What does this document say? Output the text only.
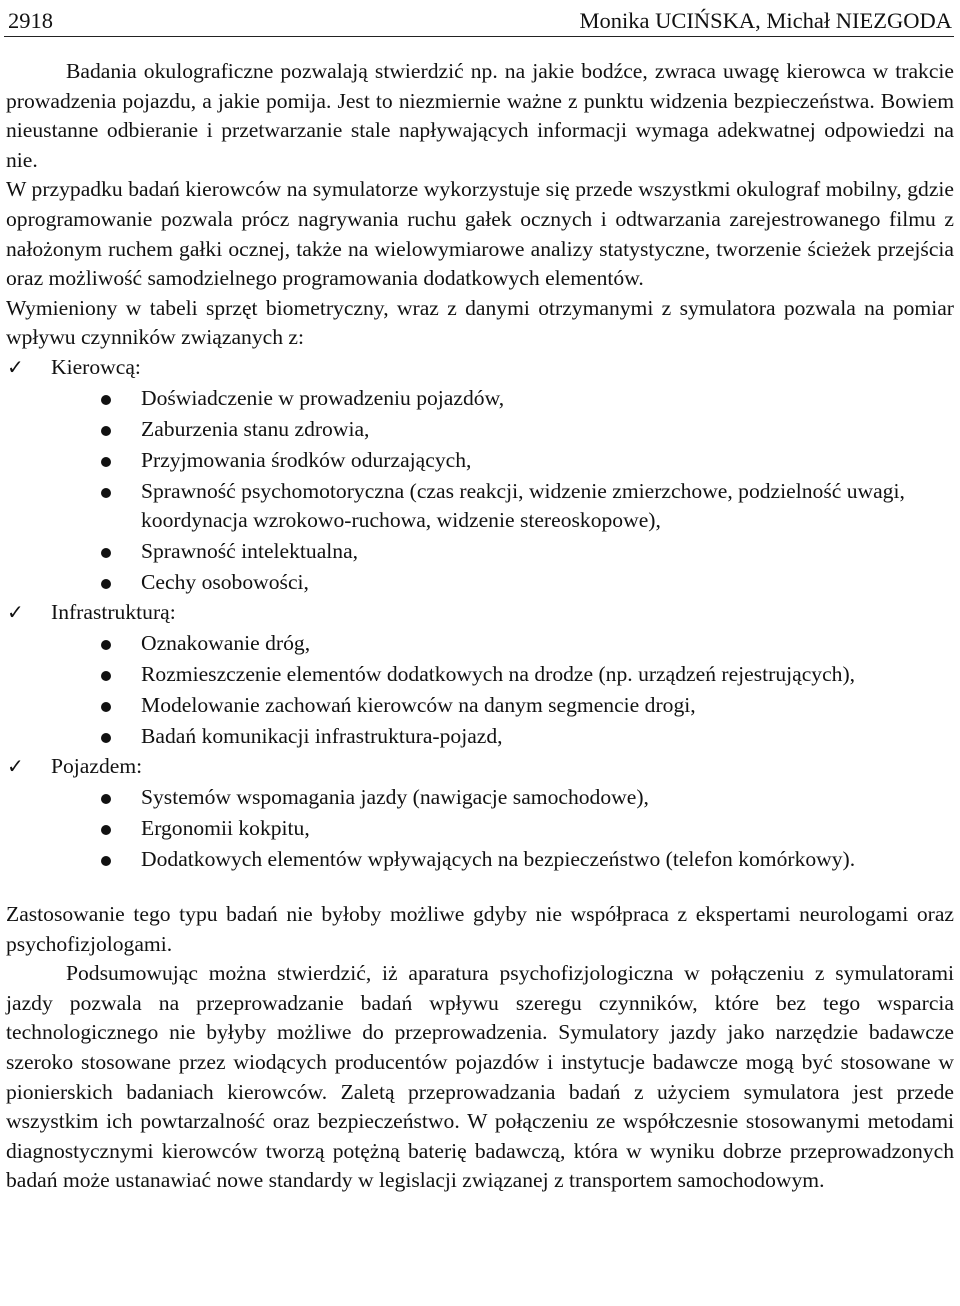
2918	Monika UCIŃSKA, Michał NIEZGODA

Badania okulograficzne pozwalają stwierdzić np. na jakie bodźce, zwraca uwagę kierowca w trakcie prowadzenia pojazdu, a jakie pomija. Jest to niezmiernie ważne z punktu widzenia bezpieczeństwa. Bowiem nieustanne odbieranie i przetwarzanie stale napływających informacji wymaga adekwatnej odpowiedzi na nie.

W przypadku badań kierowców na symulatorze wykorzystuje się przede wszystkmi okulograf mobilny, gdzie oprogramowanie pozwala prócz nagrywania ruchu gałek ocznych i odtwarzania zarejestrowanego filmu z nałożonym ruchem gałki ocznej, także na wielowymiarowe analizy statystyczne, tworzenie ścieżek przejścia oraz możliwość samodzielnego programowania dodatkowych elementów.

Wymieniony w tabeli sprzęt biometryczny, wraz z danymi otrzymanymi z symulatora pozwala na pomiar wpływu czynników związanych z:

✓ Kierowcą:
Doświadczenie w prowadzeniu pojazdów,
Zaburzenia stanu zdrowia,
Przyjmowania środków odurzających,
Sprawność psychomotoryczna (czas reakcji, widzenie zmierzchowe, podzielność uwagi, koordynacja wzrokowo-ruchowa, widzenie stereoskopowe),
Sprawność intelektualna,
Cechy osobowości,
✓ Infrastrukturą:
Oznakowanie dróg,
Rozmieszczenie elementów dodatkowych na drodze (np. urządzeń rejestrujących),
Modelowanie zachowań kierowców na danym segmencie drogi,
Badań komunikacji infrastruktura-pojazd,
✓ Pojazdem:
Systemów wspomagania jazdy (nawigacje samochodowe),
Ergonomii kokpitu,
Dodatkowych elementów wpływających na bezpieczeństwo (telefon komórkowy).

Zastosowanie tego typu badań nie byłoby możliwe gdyby nie współpraca z ekspertami neurologami oraz psychofizjologami.

Podsumowując można stwierdzić, iż aparatura psychofizjologiczna w połączeniu z symulatorami jazdy pozwala na przeprowadzanie badań wpływu szeregu czynników, które bez tego wsparcia technologicznego nie byłyby możliwe do przeprowadzenia. Symulatory jazdy jako narzędzie badawcze szeroko stosowane przez wiodących producentów pojazdów i instytucje badawcze mogą być stosowane w pionierskich badaniach kierowców. Zaletą przeprowadzania badań z użyciem symulatora jest przede wszystkim ich powtarzalność oraz bezpieczeństwo. W połączeniu ze współczesnie stosowanymi metodami diagnostycznymi kierowców tworzą potężną baterię badawczą, która w wyniku dobrze przeprowadzonych badań może ustanawiać nowe standardy w legislacji związanej z transportem samochodowym.
